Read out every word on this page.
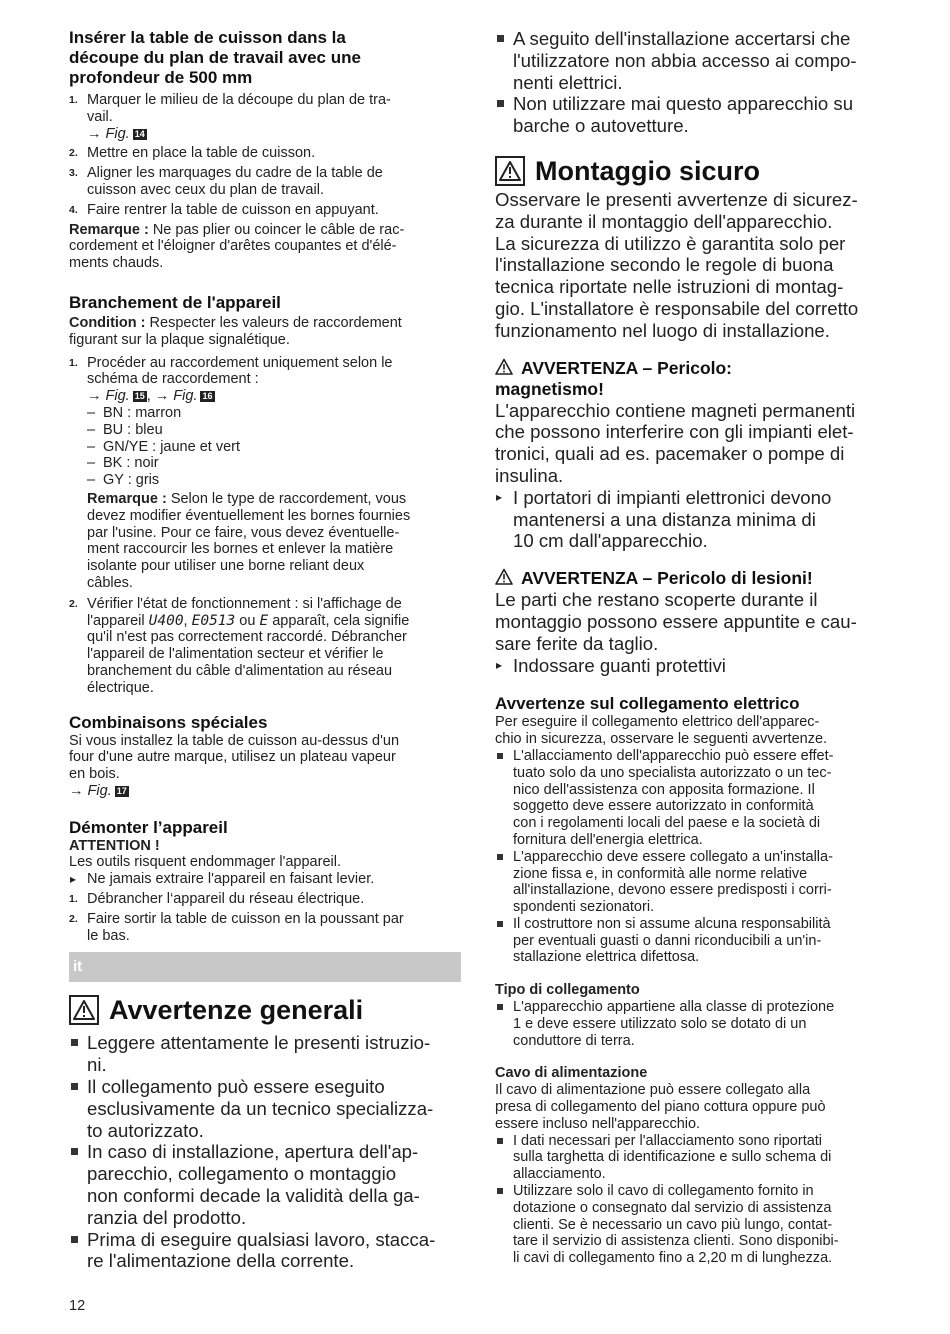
Insérer la table de cuisson dans la découpe du plan de travail avec une profondeur de 500 mm
1. Marquer le milieu de la découpe du plan de tra-
vail.
→ Fig. 14
2. Mettre en place la table de cuisson.
3. Aligner les marquages du cadre de la table de
cuisson avec ceux du plan de travail.
4. Faire rentrer la table de cuisson en appuyant.

Remarque : Ne pas plier ou coincer le câble de rac-
cordement et l'éloigner d'arêtes coupantes et d'élé-
ments chauds.

Branchement de l'appareil

Condition : Respecter les valeurs de raccordement
figurant sur la plaque signalétique.

1. Procéder au raccordement uniquement selon le
schéma de raccordement :
→ Fig. 15 , → Fig. 16
– BN : marron
– BU : bleu
– GN/YE : jaune et vert
– BK : noir
– GY : gris

Remarque : Selon le type de raccordement, vous
devez modifier éventuellement les bornes fournies
par l'usine. Pour ce faire, vous devez éventuelle-
ment raccourcir les bornes et enlever la matière
isolante pour utiliser une borne reliant deux
câbles.

2. Vérifier l'état de fonctionnement : si l'affichage de
l'appareil U400, E0513 ou E apparaît, cela signifie
qu'il n'est pas correctement raccordé. Débrancher
l'appareil de l'alimentation secteur et vérifier le
branchement du câble d'alimentation au réseau
électrique.
Combinaisons spéciales

Si vous installez la table de cuisson au-dessus d'un
four d'une autre marque, utilisez un plateau vapeur
en bois.
→ Fig. 17

Démonter l’appareil

ATTENTION !

Les outils risquent endommager l'appareil.

▸ Ne jamais extraire l'appareil en faisant levier.

1. Débrancher l‘appareil du réseau électrique.
2. Faire sortir la table de cuisson en la poussant par
le bas.
it
Avvertenze generali
Leggere attentamente le presenti istruzio-
ni.
Il collegamento può essere eseguito
esclusivamente da un tecnico specializza-
to autorizzato.
In caso di installazione, apertura dell'ap-
parecchio, collegamento o montaggio
non conformi decade la validità della ga-
ranzia del prodotto.
Prima di eseguire qualsiasi lavoro, stacca-
re l'alimentazione della corrente.
A seguito dell'installazione accertarsi che
l'utilizzatore non abbia accesso ai compo-
nenti elettrici.
Non utilizzare mai questo apparecchio su
barche o autovetture.
Montaggio sicuro

Osservare le presenti avvertenze di sicurez-
za durante il montaggio dell'apparecchio.
La sicurezza di utilizzo è garantita solo per
l'installazione secondo le regole di buona
tecnica riportate nelle istruzioni di montag-
gio. L'installatore è responsabile del corretto
funzionamento nel luogo di installazione.

AVVERTENZA – Pericolo:
magnetismo!

L'apparecchio contiene magneti permanenti
che possono interferire con gli impianti elet-
tronici, quali ad es. pacemaker o pompe di
insulina.

▸ I portatori di impianti elettronici devono
mantenersi a una distanza minima di
10 cm dall'apparecchio.

AVVERTENZA – Pericolo di lesioni!

Le parti che restano scoperte durante il
montaggio possono essere appuntite e cau-
sare ferite da taglio.

▸ Indossare guanti protettivi

Avvertenze sul collegamento elettrico

Per eseguire il collegamento elettrico dell'apparec-
chio in sicurezza, osservare le seguenti avvertenze.

L'allacciamento dell'apparecchio può essere effet-
tuato solo da uno specialista autorizzato o un tec-
nico dell'assistenza con apposita formazione. Il
soggetto deve essere autorizzato in conformità
con i regolamenti locali del paese e la società di
fornitura dell'energia elettrica.
L'apparecchio deve essere collegato a un'installa-
zione fissa e, in conformità alle norme relative
all'installazione, devono essere predisposti i corri-
spondenti sezionatori.
Il costruttore non si assume alcuna responsabilità
per eventuali guasti o danni riconducibili a un'in-
stallazione elettrica difettosa.
Tipo di collegamento
L'apparecchio appartiene alla classe di protezione
1 e deve essere utilizzato solo se dotato di un
conduttore di terra.
Cavo di alimentazione

Il cavo di alimentazione può essere collegato alla
presa di collegamento del piano cottura oppure può
essere incluso nell'apparecchio.

I dati necessari per l'allacciamento sono riportati
sulla targhetta di identificazione e sullo schema di
allacciamento.
Utilizzare solo il cavo di collegamento fornito in
dotazione o consegnato dal servizio di assistenza
clienti. Se è necessario un cavo più lungo, contat-
tare il servizio di assistenza clienti. Sono disponibi-
li cavi di collegamento fino a 2,20 m di lunghezza.
12
